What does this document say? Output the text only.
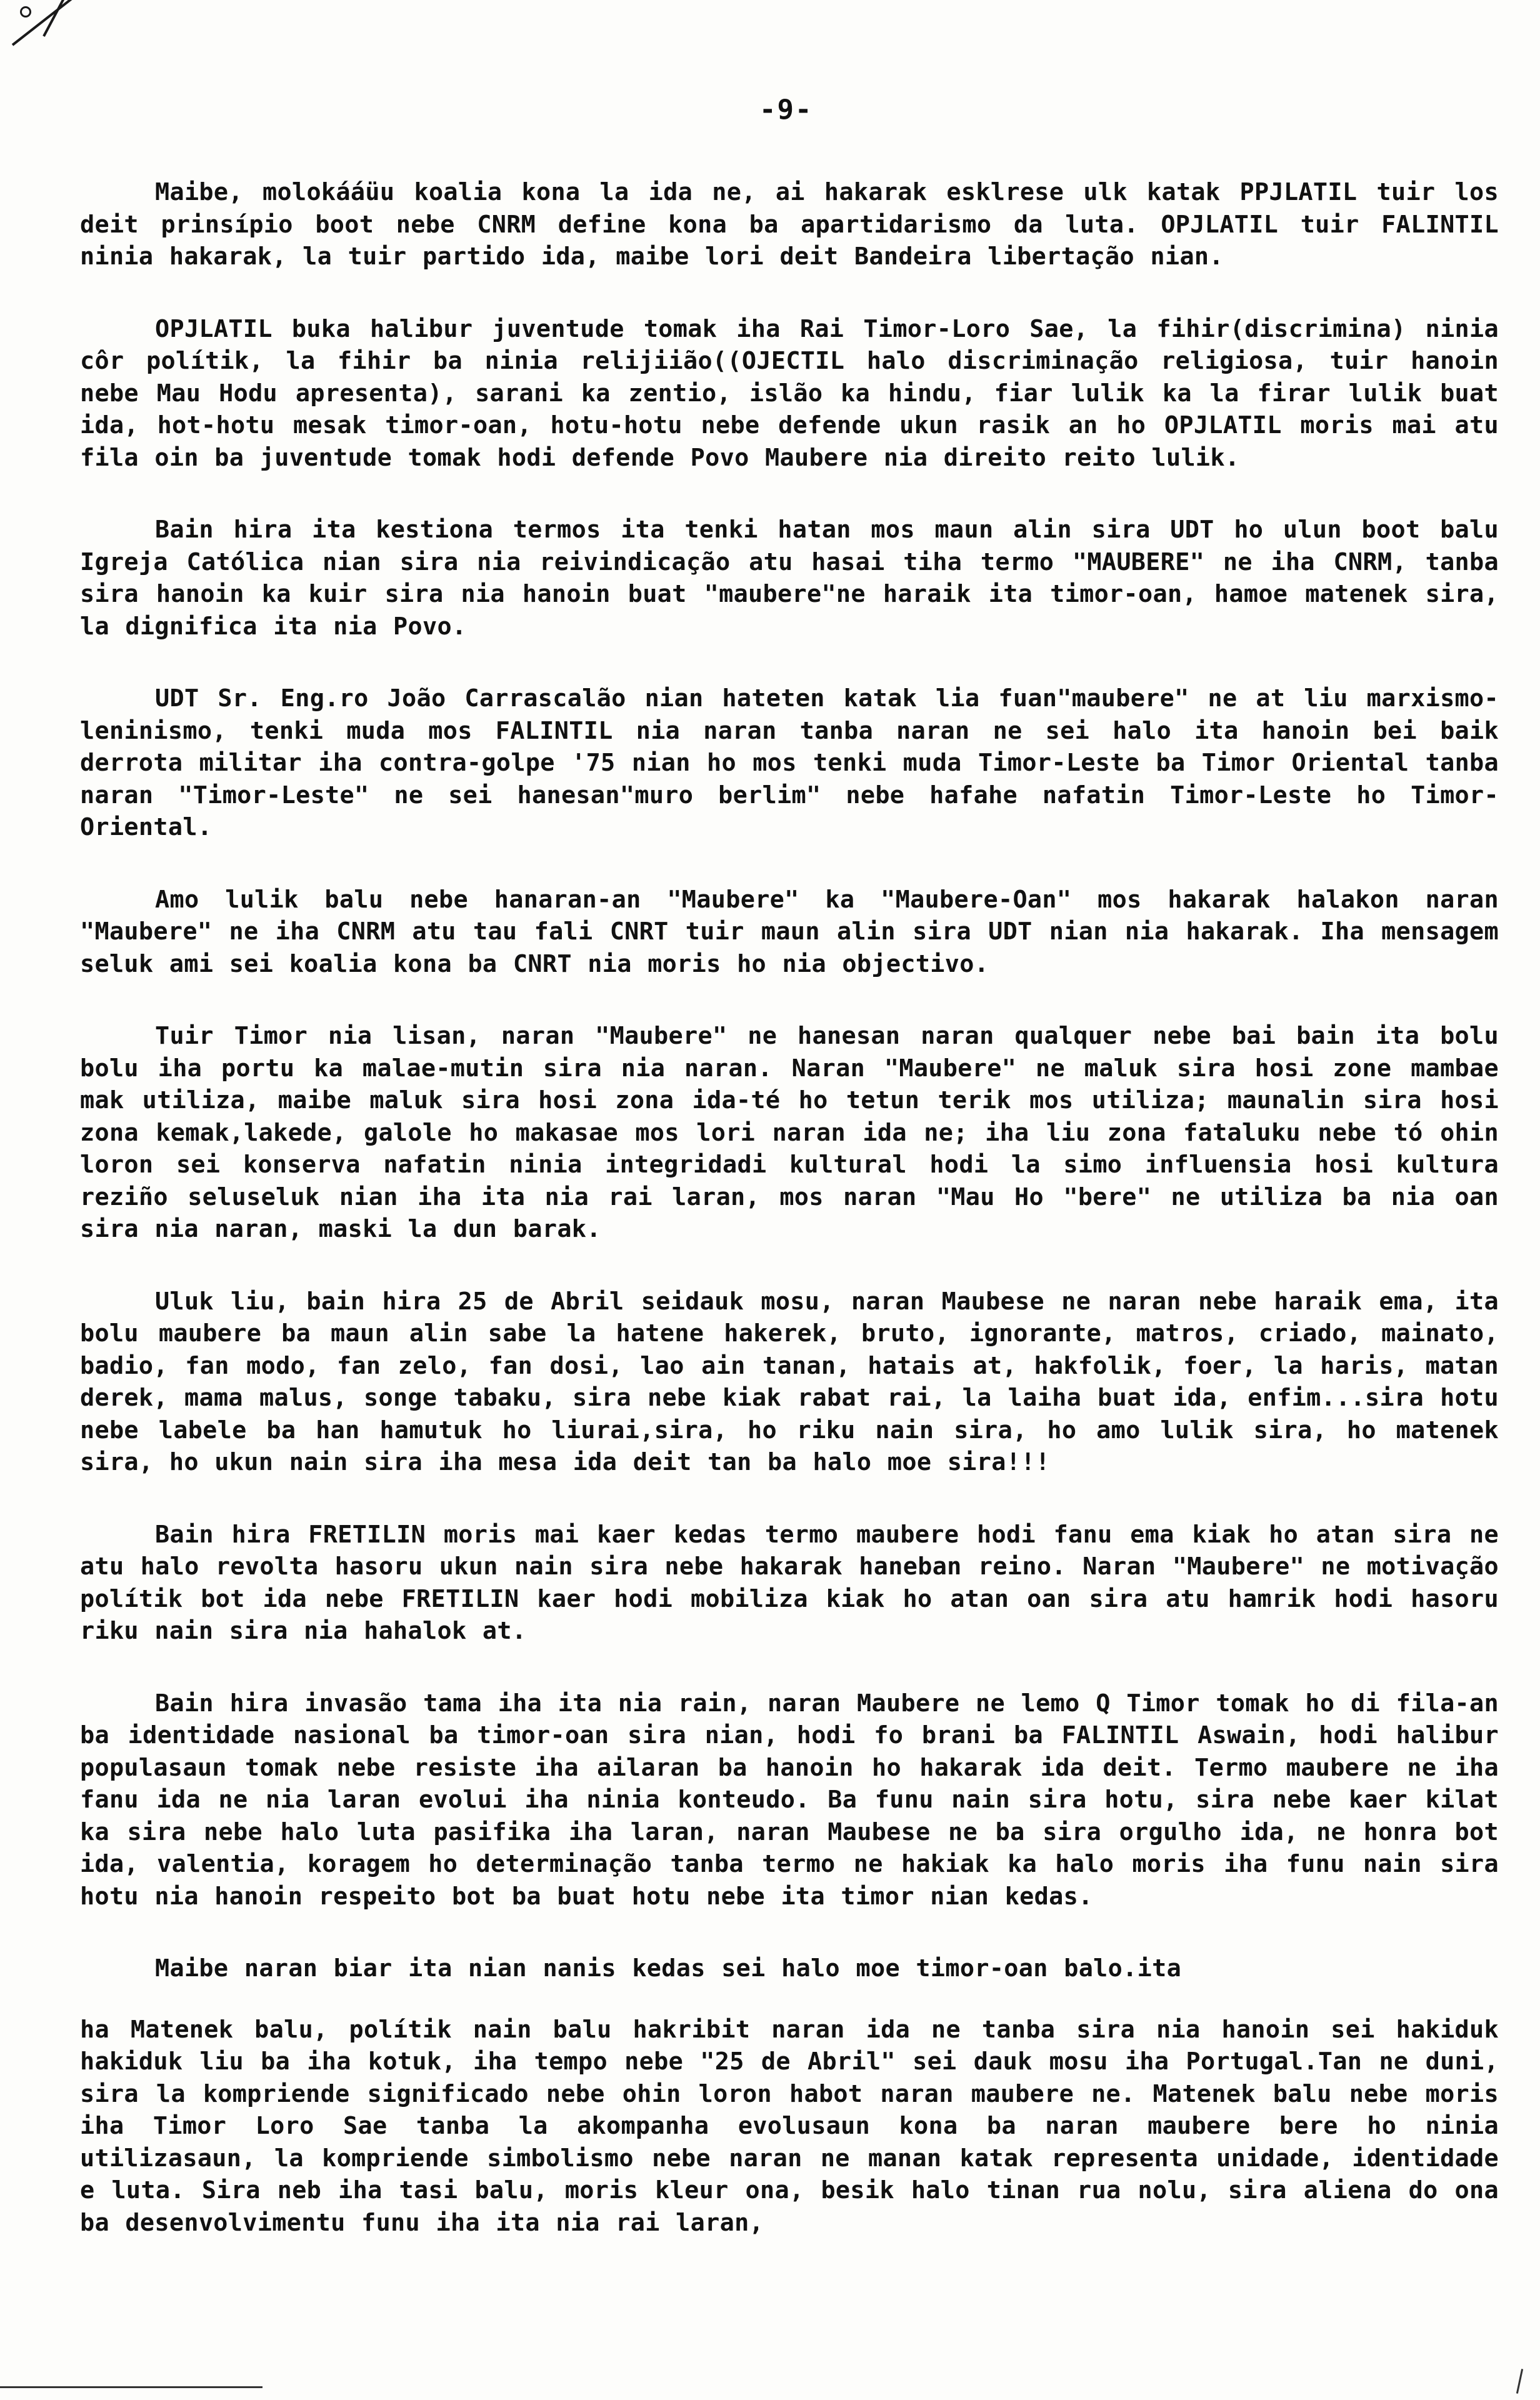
-9-

Maibe, molokááüu koalia kona la ida ne, ai hakarak esklrese ulk katak PPJLATIL tuir los deit prinsípio boot nebe CNRM define kona ba apartidarismo da luta. OPJLATIL tuir FALINTIL ninia hakarak, la tuir partido ida, maibe lori deit Bandeira libertação nian.

OPJLATIL buka halibur juventude tomak iha Rai Timor-Loro Sae, la fihir(discrimina) ninia côr polítik, la fihir ba ninia relijiião((OJECTIL halo discriminação religiosa, tuir hanoin nebe Mau Hodu apresenta), sarani ka zentio, islão ka hindu, fiar lulik ka la firar lulik buat ida, hot-hotu mesak timor-oan, hotu-hotu nebe defende ukun rasik an ho OPJLATIL moris mai atu fila oin ba juventude tomak hodi defende Povo Maubere nia direito reito lulik.

Bain hira ita kestiona termos ita tenki hatan mos maun alin sira UDT ho ulun boot balu Igreja Católica nian sira nia reivindicação atu hasai tiha termo "MAUBERE" ne iha CNRM, tanba sira hanoin ka kuir sira nia hanoin buat "maubere"ne haraik ita timor-oan, hamoe matenek sira, la dignifica ita nia Povo.

UDT Sr. Eng.ro João Carrascalão nian hateten katak lia fuan"maubere" ne at liu marxismo-leninismo, tenki muda mos FALINTIL nia naran tanba naran ne sei halo ita hanoin bei baik derrota militar iha contra-golpe '75 nian ho mos tenki muda Timor-Leste ba Timor Oriental tanba naran "Timor-Leste" ne sei hanesan"muro berlim" nebe hafahe nafatin Timor-Leste ho Timor-Oriental.

Amo lulik balu nebe hanaran-an "Maubere" ka "Maubere-Oan" mos hakarak halakon naran "Maubere" ne iha CNRM atu tau fali CNRT tuir maun alin sira UDT nian nia hakarak. Iha mensagem seluk ami sei koalia kona ba CNRT nia moris ho nia objectivo.

Tuir Timor nia lisan, naran "Maubere" ne hanesan naran qualquer nebe bai bain ita bolu bolu iha portu ka malae-mutin sira nia naran. Naran "Maubere" ne maluk sira hosi zone mambae mak utiliza, maibe maluk sira hosi zona ida-té ho tetun terik mos utiliza; maunalin sira hosi zona kemak,lakede, galole ho makasae mos lori naran ida ne; iha liu zona fataluku nebe tó ohin loron sei konserva nafatin ninia integridadi kultural hodi la simo influensia hosi kultura reziño seluseluk nian iha ita nia rai laran, mos naran "Mau Ho "bere" ne utiliza ba nia oan sira nia naran, maski la dun barak.

Uluk liu, bain hira 25 de Abril seidauk mosu, naran Maubese ne naran nebe haraik ema, ita bolu maubere ba maun alin sabe la hatene hakerek, bruto, ignorante, matros, criado, mainato, badio, fan modo, fan zelo, fan dosi, lao ain tanan, hatais at, hakfolik, foer, la haris, matan derek, mama malus, songe tabaku, sira nebe kiak rabat rai, la laiha buat ida, enfim...sira hotu nebe labele ba han hamutuk ho liurai,sira, ho riku nain sira, ho amo lulik sira, ho matenek sira, ho ukun nain sira iha mesa ida deit tan ba halo moe sira!!!

Bain hira FRETILIN moris mai kaer kedas termo maubere hodi fanu ema kiak ho atan sira ne atu halo revolta hasoru ukun nain sira nebe hakarak haneban reino. Naran "Maubere" ne motivação polítik bot ida nebe FRETILIN kaer hodi mobiliza kiak ho atan oan sira atu hamrik hodi hasoru riku nain sira nia hahalok at.

Bain hira invasão tama iha ita nia rain, naran Maubere ne lemo Q Timor tomak ho di fila-an ba identidade nasional ba timor-oan sira nian, hodi fo brani ba FALINTIL Aswain, hodi halibur populasaun tomak nebe resiste iha ailaran ba hanoin ho hakarak ida deit. Termo maubere ne iha fanu ida ne nia laran evolui iha ninia konteudo. Ba funu nain sira hotu, sira nebe kaer kilat ka sira nebe halo luta pasifika iha laran, naran Maubese ne ba sira orgulho ida, ne honra bot ida, valentia, koragem ho determinação tanba termo ne hakiak ka halo moris iha funu nain sira hotu nia hanoin respeito bot ba buat hotu nebe ita timor nian kedas.

Maibe naran biar ita nian nanis kedas sei halo moe timor-oan balo.ita

ha Matenek balu, polítik nain balu hakribit naran ida ne tanba sira nia hanoin sei hakiduk hakiduk liu ba iha kotuk, iha tempo nebe "25 de Abril" sei dauk mosu iha Portugal.Tan ne duni, sira la kompriende significado nebe ohin loron habot naran maubere ne. Matenek balu nebe moris iha Timor Loro Sae tanba la akompanha evolusaun kona ba naran maubere bere ho ninia utilizasaun, la kompriende simbolismo nebe naran ne manan katak representa unidade, identidade e luta. Sira neb iha tasi balu, moris kleur ona, besik halo tinan rua nolu, sira aliena do ona ba desenvolvimentu funu iha ita nia rai laran,
